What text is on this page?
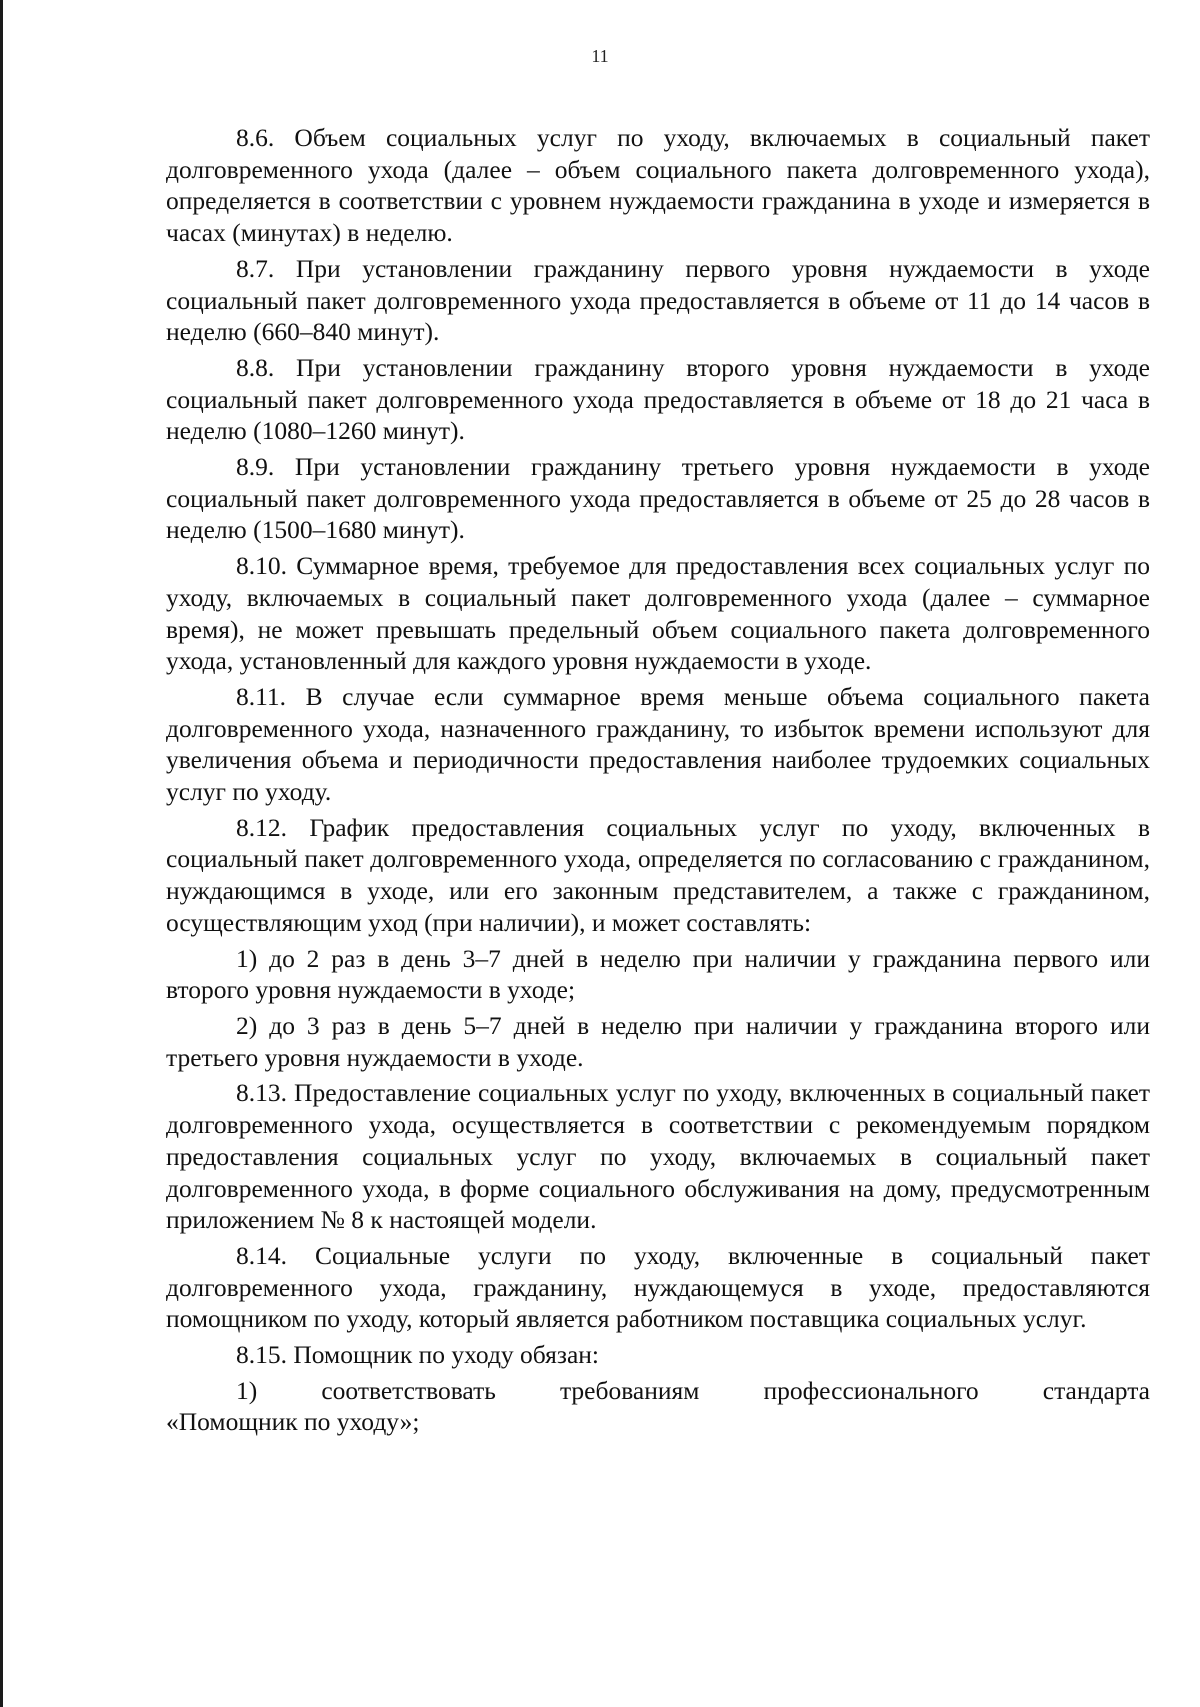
11

8.6. Объем социальных услуг по уходу, включаемых в социальный пакет долговременного ухода (далее – объем социального пакета долговременного ухода), определяется в соответствии с уровнем нуждаемости гражданина в уходе и измеряется в часах (минутах) в неделю.

8.7. При установлении гражданину первого уровня нуждаемости в уходе социальный пакет долговременного ухода предоставляется в объеме от 11 до 14 часов в неделю (660–840 минут).

8.8. При установлении гражданину второго уровня нуждаемости в уходе социальный пакет долговременного ухода предоставляется в объеме от 18 до 21 часа в неделю (1080–1260 минут).

8.9. При установлении гражданину третьего уровня нуждаемости в уходе социальный пакет долговременного ухода предоставляется в объеме от 25 до 28 часов в неделю (1500–1680 минут).

8.10. Суммарное время, требуемое для предоставления всех социальных услуг по уходу, включаемых в социальный пакет долговременного ухода (далее – суммарное время), не может превышать предельный объем социального пакета долговременного ухода, установленный для каждого уровня нуждаемости в уходе.

8.11. В случае если суммарное время меньше объема социального пакета долговременного ухода, назначенного гражданину, то избыток времени используют для увеличения объема и периодичности предоставления наиболее трудоемких социальных услуг по уходу.

8.12. График предоставления социальных услуг по уходу, включенных в социальный пакет долговременного ухода, определяется по согласованию с гражданином, нуждающимся в уходе, или его законным представителем, а также с гражданином, осуществляющим уход (при наличии), и может составлять:

1) до 2 раз в день 3–7 дней в неделю при наличии у гражданина первого или второго уровня нуждаемости в уходе;

2) до 3 раз в день 5–7 дней в неделю при наличии у гражданина второго или третьего уровня нуждаемости в уходе.

8.13. Предоставление социальных услуг по уходу, включенных в социальный пакет долговременного ухода, осуществляется в соответствии с рекомендуемым порядком предоставления социальных услуг по уходу, включаемых в социальный пакет долговременного ухода, в форме социального обслуживания на дому, предусмотренным приложением № 8 к настоящей модели.

8.14. Социальные услуги по уходу, включенные в социальный пакет долговременного ухода, гражданину, нуждающемуся в уходе, предоставляются помощником по уходу, который является работником поставщика социальных услуг.

8.15. Помощник по уходу обязан:

1) соответствовать требованиям профессионального стандарта

«Помощник по уходу»;
